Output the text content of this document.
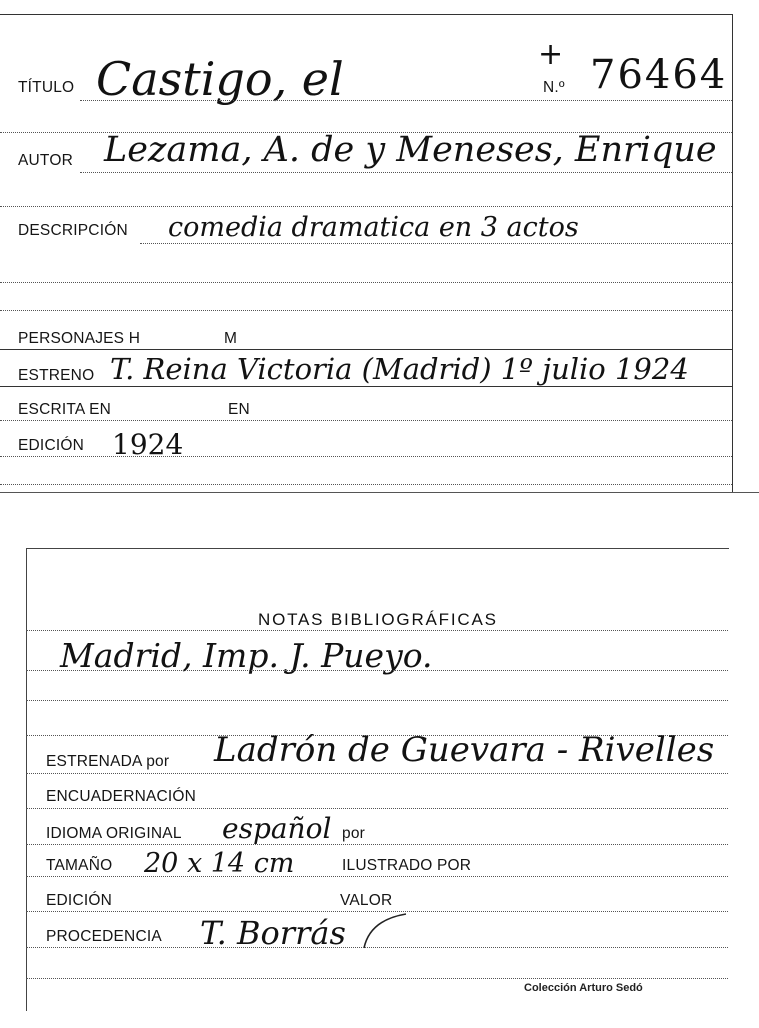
TÍTULO Castigo, el	+
N.º 76464
AUTOR Lezama, A. de y Meneses, Enrique
DESCRIPCIÓN comedia dramatica en 3 actos
PERSONAJES H	M
ESTRENO T. Reina Victoria (Madrid) 1º julio 1924
ESCRITA EN	EN
EDICIÓN 1924
NOTAS BIBLIOGRÁFICAS
Madrid, Imp. J. Pueyo.
ESTRENADA por Ladrón de Guevara - Rivelles
ENCUADERNACIÓN
IDIOMA ORIGINAL español por
TAMAÑO 20 x 14 cm	ILUSTRADO POR
EDICIÓN	VALOR
PROCEDENCIA T. Borrás
Colección Arturo Sedó
